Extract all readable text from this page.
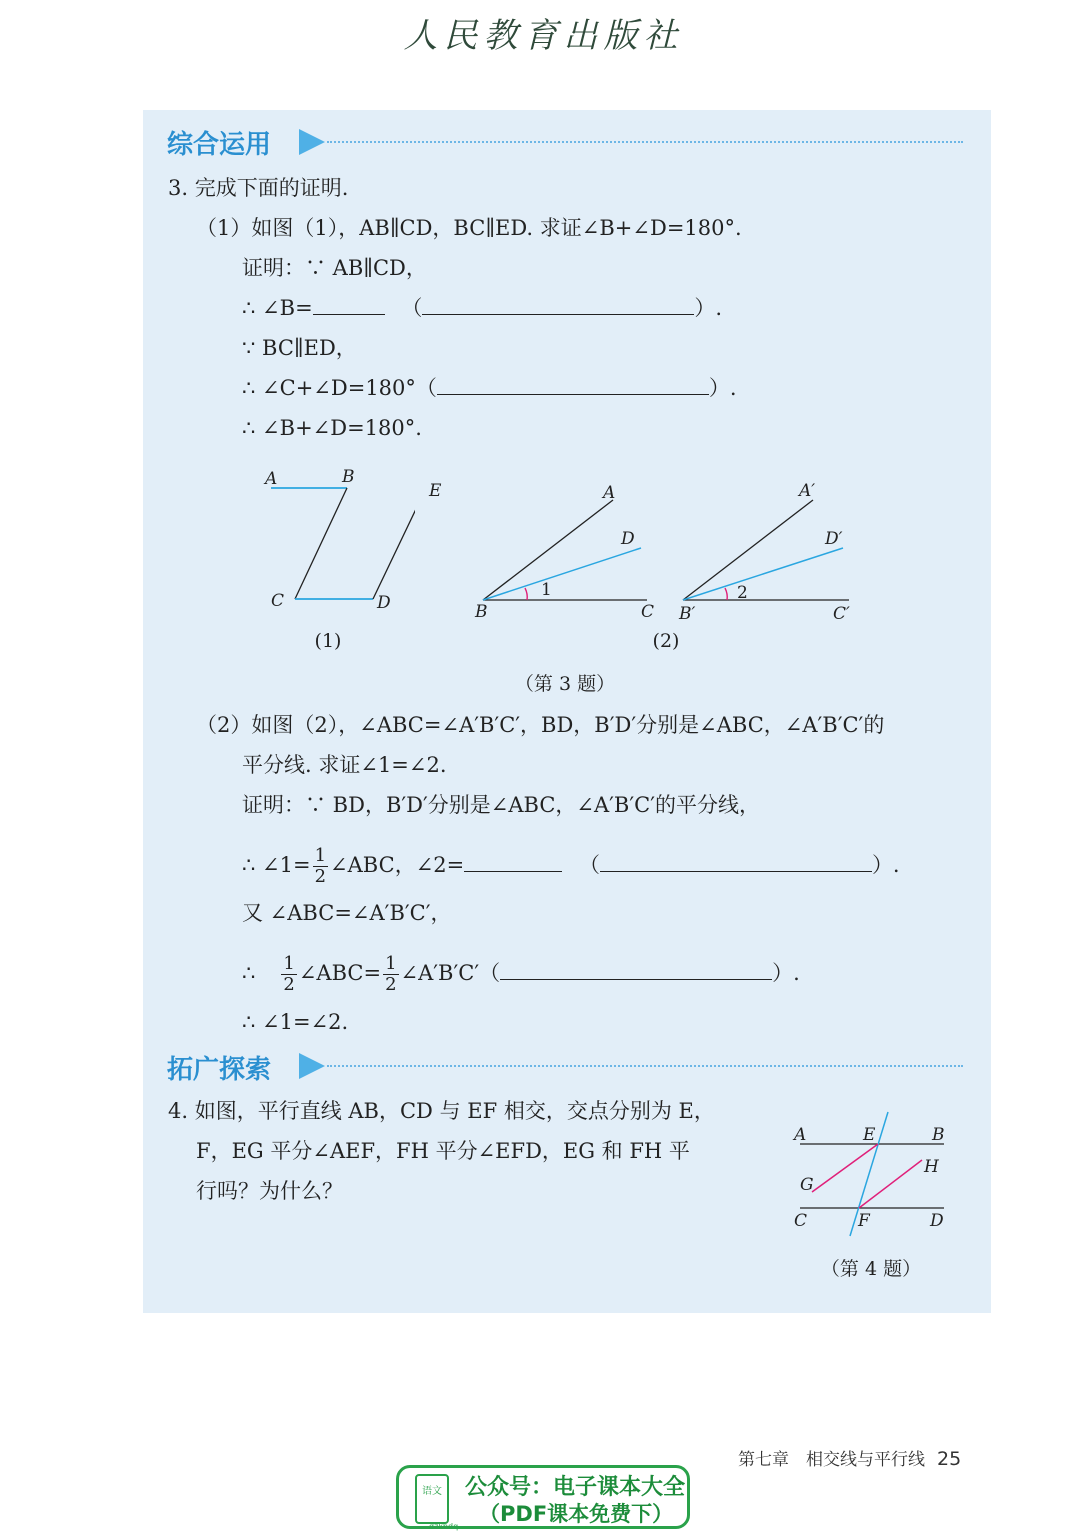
人民教育出版社
综合运用
3. 完成下面的证明.
（1）如图（1），AB∥CD，BC∥ED. 求证∠B+∠D=180°.
证明：∵ AB∥CD，
∴ ∠B=	（	）.
∵ BC∥ED，
∴ ∠C+∠D=180°（	）.
∴ ∠B+∠D=180°.
A	B
C	D
E	A
D
1
B	C
A′
D′
2
B′	C′
(1)	(2)
（第 3 题）
（2）如图（2），∠ABC=∠A′B′C′，BD，B′D′分别是∠ABC，∠A′B′C′的
平分线. 求证∠1=∠2.
证明：∵ BD，B′D′分别是∠ABC，∠A′B′C′的平分线，
∴ ∠1= $\frac{1}{2}$ ∠ABC，∠2=	（	）.
又 ∠ABC=∠A′B′C′，
∴ $\frac{1}{2}$ ∠ABC= $\frac{1}{2}$ ∠A′B′C′（	）.
∴ ∠1=∠2.
拓广探索
4. 如图，平行直线 AB，CD 与 EF 相交，交点分别为 E，
F，EG 平分∠AEF，FH 平分∠EFD，EG 和 FH 平
行吗？为什么？
A	E	B
H
G
C	F	D
（第 4 题）
第七章　相交线与平行线 25
语文
dzkbdq
公众号：电子课本大全
（PDF课本免费下）
